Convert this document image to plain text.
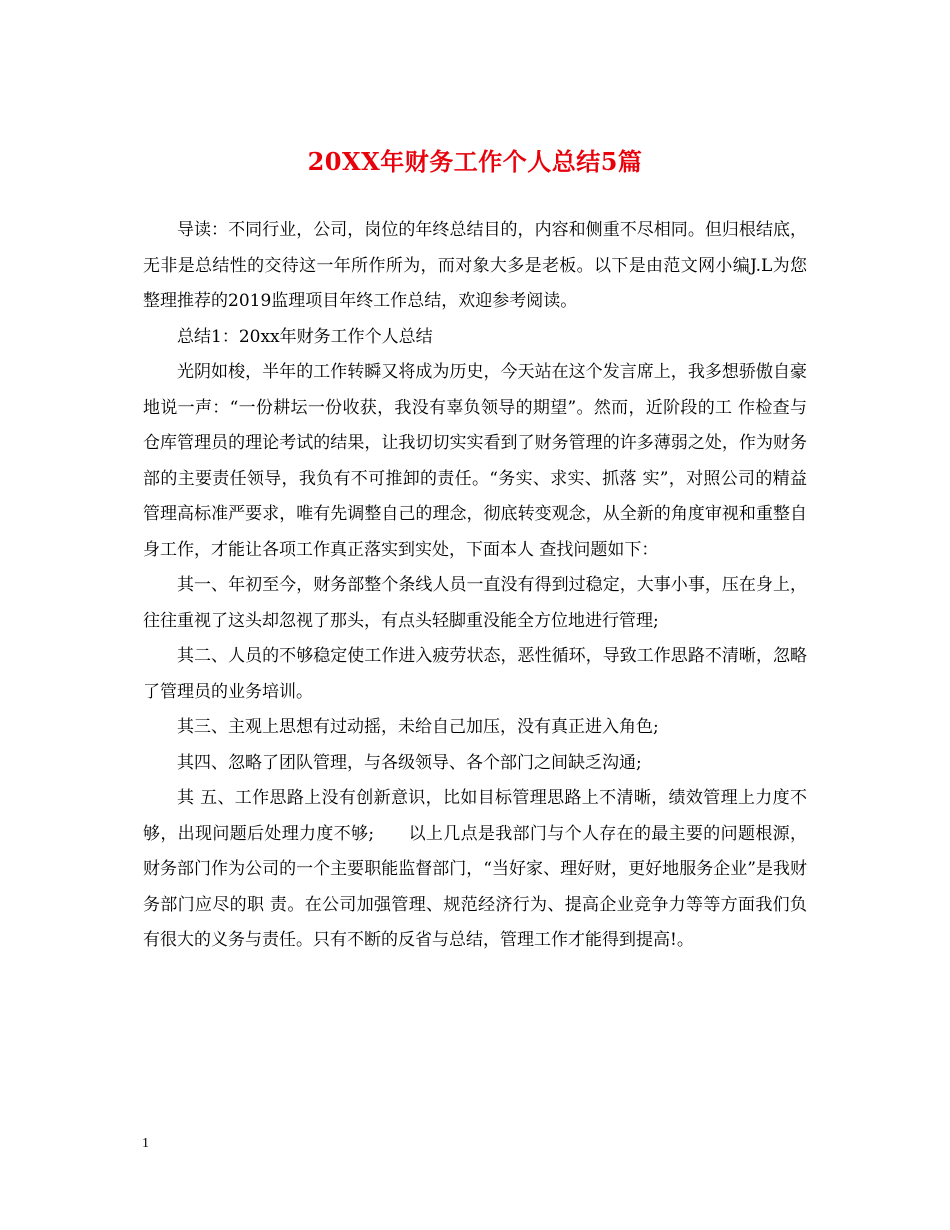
20XX年财务工作个人总结5篇

导读：不同行业，公司，岗位的年终总结目的，内容和侧重不尽相同。但归根结底，无非是总结性的交待这一年所作所为，而对象大多是老板。以下是由范文网小编J.L为您整理推荐的2019监理项目年终工作总结，欢迎参考阅读。

总结1：20xx年财务工作个人总结

光阴如梭，半年的工作转瞬又将成为历史，今天站在这个发言席上，我多想骄傲自豪地说一声：“一份耕坛一份收获，我没有辜负领导的期望”。然而，近阶段的工 作检查与仓库管理员的理论考试的结果，让我切切实实看到了财务管理的许多薄弱之处，作为财务部的主要责任领导，我负有不可推卸的责任。“务实、求实、抓落 实”，对照公司的精益管理高标准严要求，唯有先调整自己的理念，彻底转变观念，从全新的角度审视和重整自身工作，才能让各项工作真正落实到实处，下面本人 查找问题如下：

其一、年初至今，财务部整个条线人员一直没有得到过稳定，大事小事，压在身上，往往重视了这头却忽视了那头，有点头轻脚重没能全方位地进行管理;

其二、人员的不够稳定使工作进入疲劳状态，恶性循环，导致工作思路不清晰，忽略了管理员的业务培训。

其三、主观上思想有过动摇，未给自己加压，没有真正进入角色;

其四、忽略了团队管理，与各级领导、各个部门之间缺乏沟通;

其 五、工作思路上没有创新意识，比如目标管理思路上不清晰，绩效管理上力度不够，出现问题后处理力度不够;      以上几点是我部门与个人存在的最主要的问题根源，财务部门作为公司的一个主要职能监督部门，“当好家、理好财，更好地服务企业”是我财务部门应尽的职 责。在公司加强管理、规范经济行为、提高企业竞争力等等方面我们负有很大的义务与责任。只有不断的反省与总结，管理工作才能得到提高!。

1
